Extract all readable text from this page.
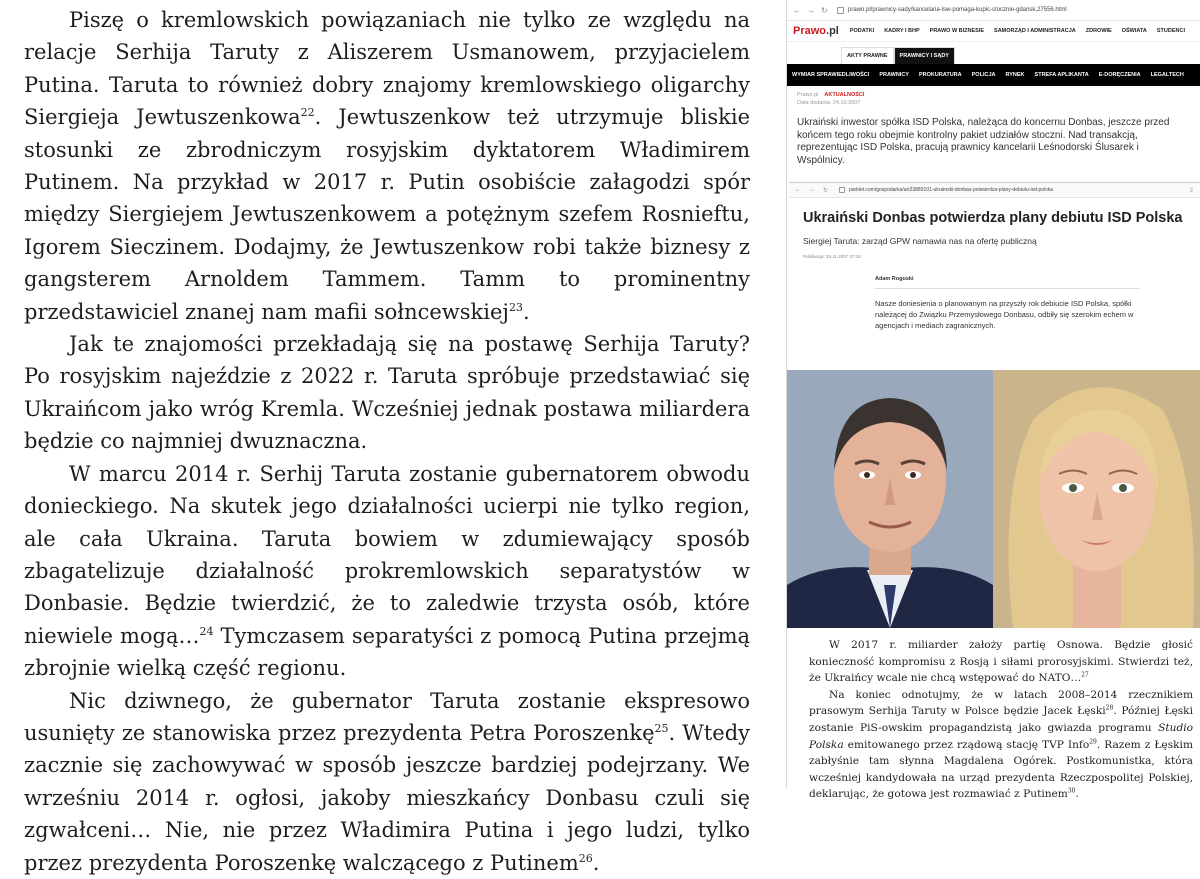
Piszę o kremlowskich powiązaniach nie tylko ze względu na relacje Serhija Taruty z Aliszerem Usmanowem, przyjacielem Putina. Taruta to również dobry znajomy kremlowskiego oligarchy Siergieja Jewtuszenkowa$^{22}$. Jewtuszenkow też utrzymuje bliskie stosunki ze zbrodniczym rosyjskim dyktatorem Władimirem Putinem. Na przykład w 2017 r. Putin osobiście załagodzi spór między Siergiejem Jewtuszenkowem a potężnym szefem Rosnieftu, Igorem Sieczinem. Dodajmy, że Jewtuszenkow robi także biznesy z gangsterem Arnoldem Tammem. Tamm to prominentny przedstawiciel znanej nam mafii sołncewskiej$^{23}$.

Jak te znajomości przekładają się na postawę Serhija Taruty? Po rosyjskim najeździe z 2022 r. Taruta spróbuje przedstawiać się Ukraińcom jako wróg Kremla. Wcześniej jednak postawa miliardera będzie co najmniej dwuznaczna.

W marcu 2014 r. Serhij Taruta zostanie gubernatorem obwodu donieckiego. Na skutek jego działalności ucierpi nie tylko region, ale cała Ukraina. Taruta bowiem w zdumiewający sposób zbagatelizuje działalność prokremlowskich separatystów w Donbasie. Będzie twierdzić, że to zaledwie trzysta osób, które niewiele mogą…$^{24}$ Tymczasem separatyści z pomocą Putina przejmą zbrojnie wielką część regionu.

Nic dziwnego, że gubernator Taruta zostanie ekspresowo usunięty ze stanowiska przez prezydenta Petra Poroszenkę$^{25}$. Wtedy zacznie się zachowywać w sposób jeszcze bardziej podejrzany. We wrześniu 2014 r. ogłosi, jakoby mieszkańcy Donbasu czuli się zgwałceni… Nie, nie przez Władimira Putina i jego ludzi, tylko przez prezydenta Poroszenkę walczącego z Putinem$^{26}$.

← → ↻	prawo.pl/prawnicy-sady/kancelaria-lsw-pomaga-kupic-stocznie-gdansk,27556.html
Prawo.pl	PODATKI	KADRY I BHP	PRAWO W BIZNESIE	SAMORZĄD I ADMINISTRACJA	ZDROWIE	OŚWIATA	STUDENCI
AKTY PRAWNE	PRAWNICY I SĄDY
WYMIAR SPRAWIEDLIWOŚCI	PRAWNICY	PROKURATURA	POLICJA	RYNEK	STREFA APLIKANTA	E-DORĘCZENIA	LEGALTECH
Prawo.pl AKTUALNOŚCI
Data dodania: 24.10.2007
Ukraiński inwestor spółka ISD Polska, należąca do koncernu Donbas, jeszcze przed końcem tego roku obejmie kontrolny pakiet udziałów stoczni. Nad transakcją, reprezentując ISD Polska, pracują prawnicy kancelarii Leśnodorski Ślusarek i Wspólnicy.
←	→	↻	parkiet.com/gospodarka/art23889101-ukrainski-donbas-potwierdza-plany-debiutu-isd-polska	⇪
Ukraiński Donbas potwierdza plany debiutu ISD Polska
Siergiej Taruta: zarząd GPW namawia nas na ofertę publiczną
Publikacja: 29.11.2007 07:18
Adam Roguski
Nasze doniesienia o planowanym na przyszły rok debiucie ISD Polska, spółki należącej do Związku Przemysłowego Donbasu, odbiły się szerokim echem w agencjach i mediach zagranicznych.

W 2017 r. miliarder założy partię Osnowa. Będzie głosić konieczność kompromisu z Rosją i siłami prorosyjskimi. Stwierdzi też, że Ukraińcy wcale nie chcą wstępować do NATO…$^{27}$

Na koniec odnotujmy, że w latach 2008–2014 rzecznikiem prasowym Serhija Taruty w Polsce będzie Jacek Łęski$^{28}$. Później Łęski zostanie PiS-owskim propagandzistą jako gwiazda programu Studio Polska emitowanego przez rządową stację TVP Info$^{29}$. Razem z Łęskim zabłyśnie tam słynna Magdalena Ogórek. Postkomunistka, która wcześniej kandydowała na urząd prezydenta Rzeczpospolitej Polskiej, deklarując, że gotowa jest rozmawiać z Putinem$^{30}$.
